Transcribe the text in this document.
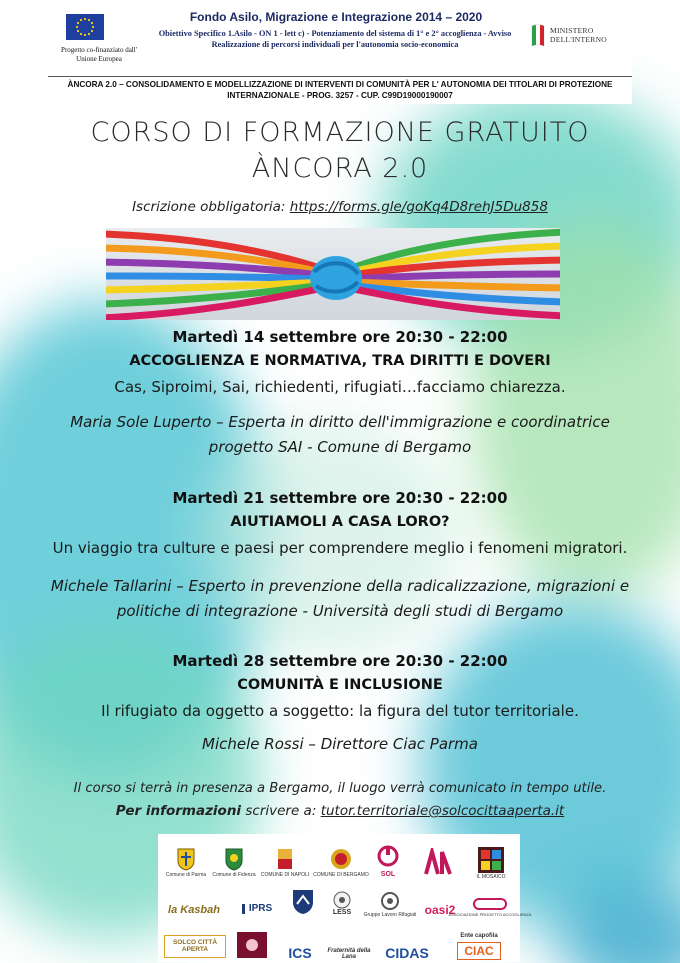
Progetto co-finanziato dall' Unione Europea
Fondo Asilo, Migrazione e Integrazione 2014 – 2020
Obiettivo Specifico 1.Asilo - ON 1 - lett c) - Potenziamento del sistema di 1° e 2° accoglienza - Avviso Realizzazione di percorsi individuali per l'autonomia socio-economica
MINISTERO
DELL'INTERNO
ÀNCORA 2.0 – CONSOLIDAMENTO E MODELLIZZAZIONE DI INTERVENTI DI COMUNITÀ PER L' AUTONOMIA DEI TITOLARI DI PROTEZIONE INTERNAZIONALE - PROG. 3257 - CUP. C99D19000190007
CORSO DI FORMAZIONE GRATUITO
ÀNCORA 2.0
Iscrizione obbligatoria: https://forms.gle/goKq4D8rehJ5Du858
Martedì 14 settembre ore 20:30 - 22:00
ACCOGLIENZA E NORMATIVA, TRA DIRITTI E DOVERI
Cas, Siproimi, Sai, richiedenti, rifugiati…facciamo chiarezza.
Maria Sole Luperto – Esperta in diritto dell'immigrazione e coordinatrice
progetto SAI - Comune di Bergamo
Martedì 21 settembre ore 20:30 - 22:00
AIUTIAMOLI A CASA LORO?
Un viaggio tra culture e paesi per comprendere meglio i fenomeni migratori.
Michele Tallarini – Esperto in prevenzione della radicalizzazione, migrazioni e
politiche di integrazione - Università degli studi di Bergamo
Martedì 28 settembre ore 20:30 - 22:00
COMUNITÀ E INCLUSIONE
Il rifugiato da oggetto a soggetto: la figura del tutor territoriale.
Michele Rossi – Direttore Ciac Parma
Il corso si terrà in presenza a Bergamo, il luogo verrà comunicato in tempo utile.
Per informazioni scrivere a: tutor.territoriale@solcocittaaperta.it
Comune di Parma Comune di Fidenza COMUNE DI NAPOLI COMUNE DI BERGAMO SOL	IL MOSAICO
la Kasbah	IPRS	LESS Gruppo Lavoro Rifugiati oasi2
ASSOCIAZIONE PROGETTO ACCOGLIENZA
SOLCO CITTÀ APERTA	ICS	Fraternità della Lana	CIDAS
Ente capofila
CIAC
